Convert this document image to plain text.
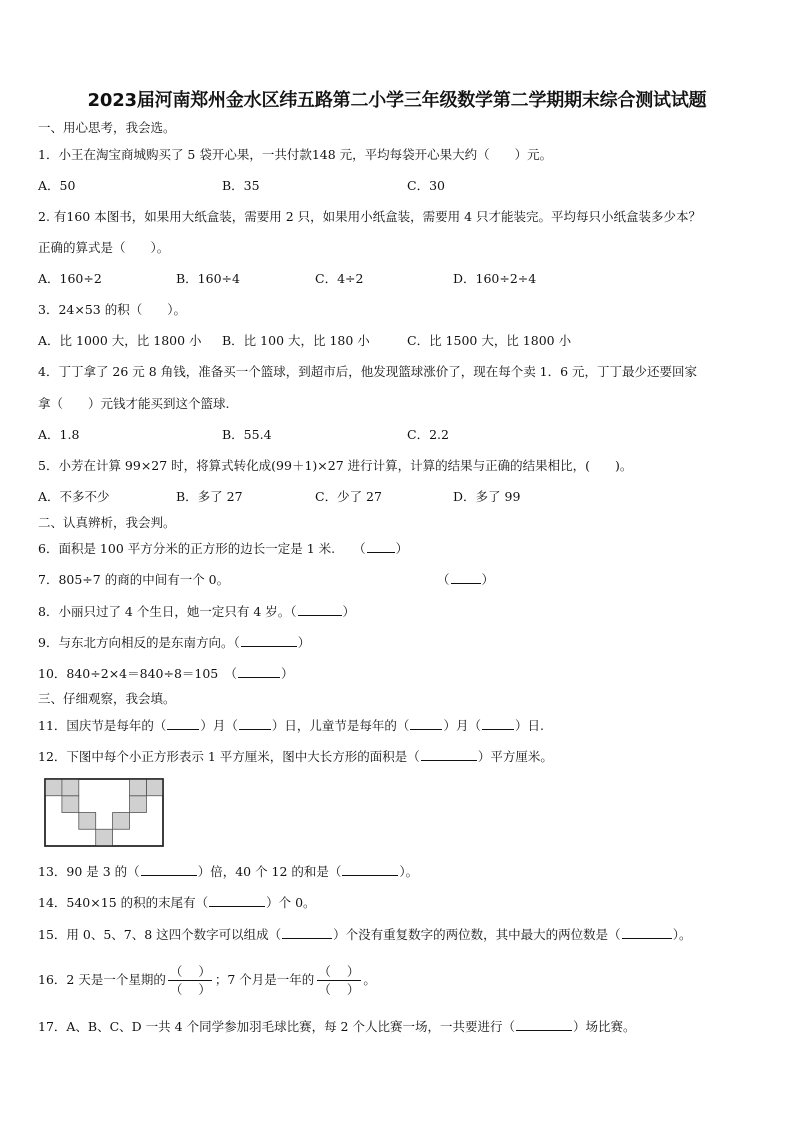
2023届河南郑州金水区纬五路第二小学三年级数学第二学期期末综合测试试题
一、用心思考，我会选。
1．小王在淘宝商城购买了 5 袋开心果，一共付款148 元，平均每袋开心果大约（　　）元。
A．50	B．35	C．30
2. 有160 本图书，如果用大纸盒装，需要用 2 只，如果用小纸盒装，需要用 4 只才能装完。平均每只小纸盒装多少本？
正确的算式是（　　）。
A．160÷2	B．160÷4	C．4÷2	D．160÷2÷4
3．24×53 的积（　　）。
A．比 1000 大，比 1800 小 B．比 100 大，比 180 小	C．比 1500 大，比 1800 小
4．丁丁拿了 26 元 8 角钱，准备买一个篮球，到超市后，他发现篮球涨价了，现在每个卖 1．6 元，丁丁最少还要回家
拿（　　）元钱才能买到这个篮球.
A．1.8	B．55.4	C．2.2
5．小芳在计算 99×27 时，将算式转化成(99＋1)×27 进行计算，计算的结果与正确的结果相比，(　　)。
A．不多不少	B．多了 27	C．少了 27	D．多了 99
二、认真辨析，我会判。
6．面积是 100 平方分米的正方形的边长一定是 1 米. （ ）
7．805÷7 的商的中间有一个 0。	（	）
8．小丽只过了 4 个生日，她一定只有 4 岁。（	）
9．与东北方向相反的是东南方向。（	）
10．840÷2×4＝840÷8＝105　（	）
三、仔细观察，我会填。
11．国庆节是每年的（	）月（	）日，儿童节是每年的（	）月（	）日.
12．下图中每个小正方形表示 1 平方厘米，图中大长方形的面积是（	）平方厘米。
13．90 是 3 的（	）倍，40 个 12 的和是（	）。
14．540×15 的积的末尾有（	）个 0。
15．用 0、5、7、8 这四个数字可以组成（	）个没有重复数字的两位数，其中最大的两位数是（	）。
16．2 天是一个星期的 $\frac{( )}{( )}$ ；7 个月是一年的 $\frac{( )}{( )}$ 。
17．A、B、C、D 一共 4 个同学参加羽毛球比赛，每 2 个人比赛一场，一共要进行（	）场比赛。
